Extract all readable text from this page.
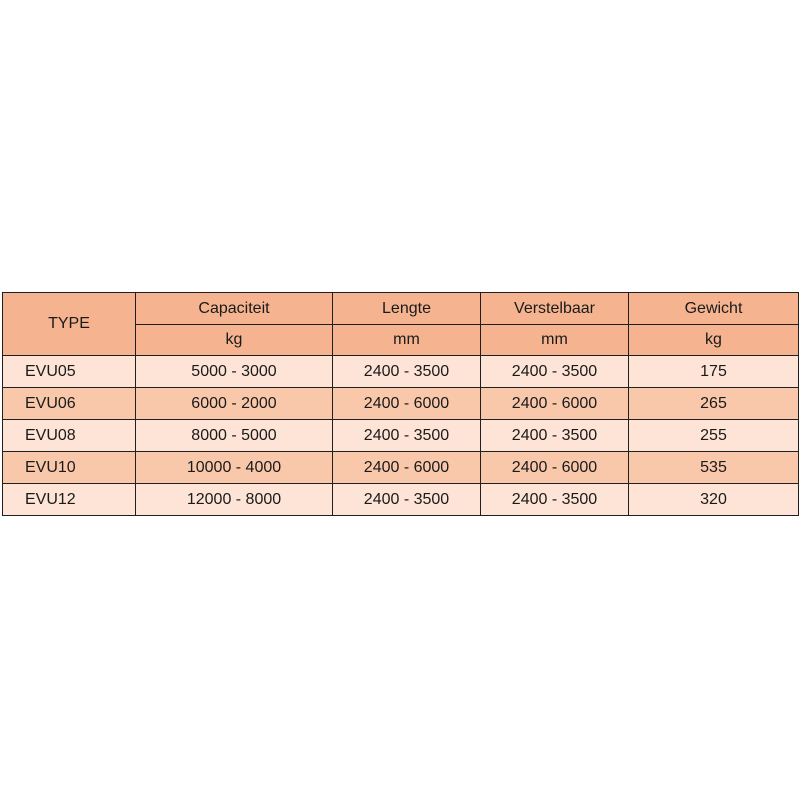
TYPE	Capaciteit	Lengte	Verstelbaar	Gewicht
	kg	mm	mm	kg
EVU05	5000 - 3000	2400 - 3500	2400 - 3500	175
EVU06	6000 - 2000	2400 - 6000	2400 - 6000	265
EVU08	8000 - 5000	2400 - 3500	2400 - 3500	255
EVU10	10000 - 4000	2400 - 6000	2400 - 6000	535
EVU12	12000 - 8000	2400 - 3500	2400 - 3500	320
